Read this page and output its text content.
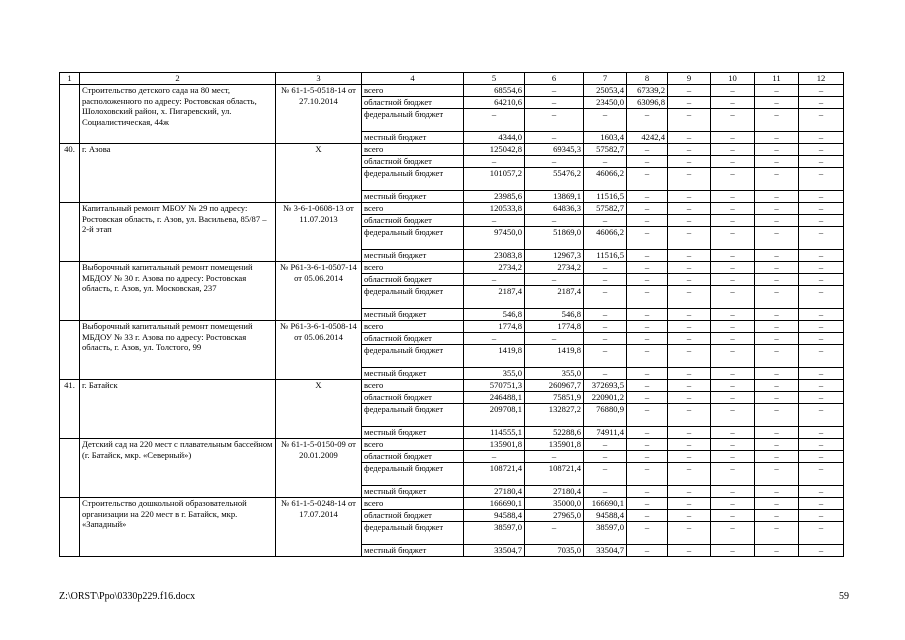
1	2	3	4	5	6	7	8	9	10	11	12
	Строительство детского сада на 80 мест, расположенного по адресу: Ростовская область, Шолоховский район, х. Пигаревский, ул. Социалистическая, 44ж	№ 61-1-5-0518-14 от 27.10.2014	всего	68554,6	–	25053,4	67339,2	–	–	–	–
			областной бюджет	64210,6	–	23450,0	63096,8	–	–	–	–
			федеральный бюджет	–	–	–	–	–	–	–	–
			местный бюджет	4344,0	–	1603,4	4242,4	–	–	–	–
40.	г. Азова	Х	всего	125042,8	69345,3	57582,7	–	–	–	–	–
			областной бюджет	–	–	–	–	–	–	–	–
			федеральный бюджет	101057,2	55476,2	46066,2	–	–	–	–	–
			местный бюджет	23985,6	13869,1	11516,5	–	–	–	–	–
	Капитальный ремонт МБОУ № 29 по адресу: Ростовская область, г. Азов, ул. Васильева, 85/87 – 2-й этап	№ 3-6-1-0608-13 от 11.07.2013	всего	120533,8	64836,3	57582,7	–	–	–	–	–
			областной бюджет	–	–	–	–	–	–	–	–
			федеральный бюджет	97450,0	51869,0	46066,2	–	–	–	–	–
			местный бюджет	23083,8	12967,3	11516,5	–	–	–	–	–
	Выборочный капитальный ремонт помещений МБДОУ № 30 г. Азова по адресу: Ростовская область, г. Азов, ул. Московская, 237	№ Р61-3-6-1-0507-14 от 05.06.2014	всего	2734,2	2734,2	–	–	–	–	–	–
			областной бюджет	–	–	–	–	–	–	–	–
			федеральный бюджет	2187,4	2187,4	–	–	–	–	–	–
			местный бюджет	546,8	546,8	–	–	–	–	–	–
	Выборочный капитальный ремонт помещений МБДОУ № 33 г. Азова по адресу: Ростовская область, г. Азов, ул. Толстого, 99	№ Р61-3-6-1-0508-14 от 05.06.2014	всего	1774,8	1774,8	–	–	–	–	–	–
			областной бюджет	–	–	–	–	–	–	–	–
			федеральный бюджет	1419,8	1419,8	–	–	–	–	–	–
			местный бюджет	355,0	355,0	–	–	–	–	–	–
41.	г. Батайск	Х	всего	570751,3	260967,7	372693,5	–	–	–	–	–
			областной бюджет	246488,1	75851,9	220901,2	–	–	–	–	–
			федеральный бюджет	209708,1	132827,2	76880,9	–	–	–	–	–
			местный бюджет	114555,1	52288,6	74911,4	–	–	–	–	–
	Детский сад на 220 мест с плавательным бассейном (г. Батайск, мкр. «Северный»)	№ 61-1-5-0150-09 от 20.01.2009	всего	135901,8	135901,8	–	–	–	–	–	–
			областной бюджет	–	–	–	–	–	–	–	–
			федеральный бюджет	108721,4	108721,4	–	–	–	–	–	–
			местный бюджет	27180,4	27180,4	–	–	–	–	–	–
	Строительство дошкольной образовательной организации на 220 мест в г. Батайск, мкр. «Западный»	№ 61-1-5-0248-14 от 17.07.2014	всего	166690,1	35000,0	166690,1	–	–	–	–	–
			областной бюджет	94588,4	27965,0	94588,4	–	–	–	–	–
			федеральный бюджет	38597,0	–	38597,0	–	–	–	–	–
			местный бюджет	33504,7	7035,0	33504,7	–	–	–	–	–
Z:\ORST\Ppo\0330p229.f16.docx	59
